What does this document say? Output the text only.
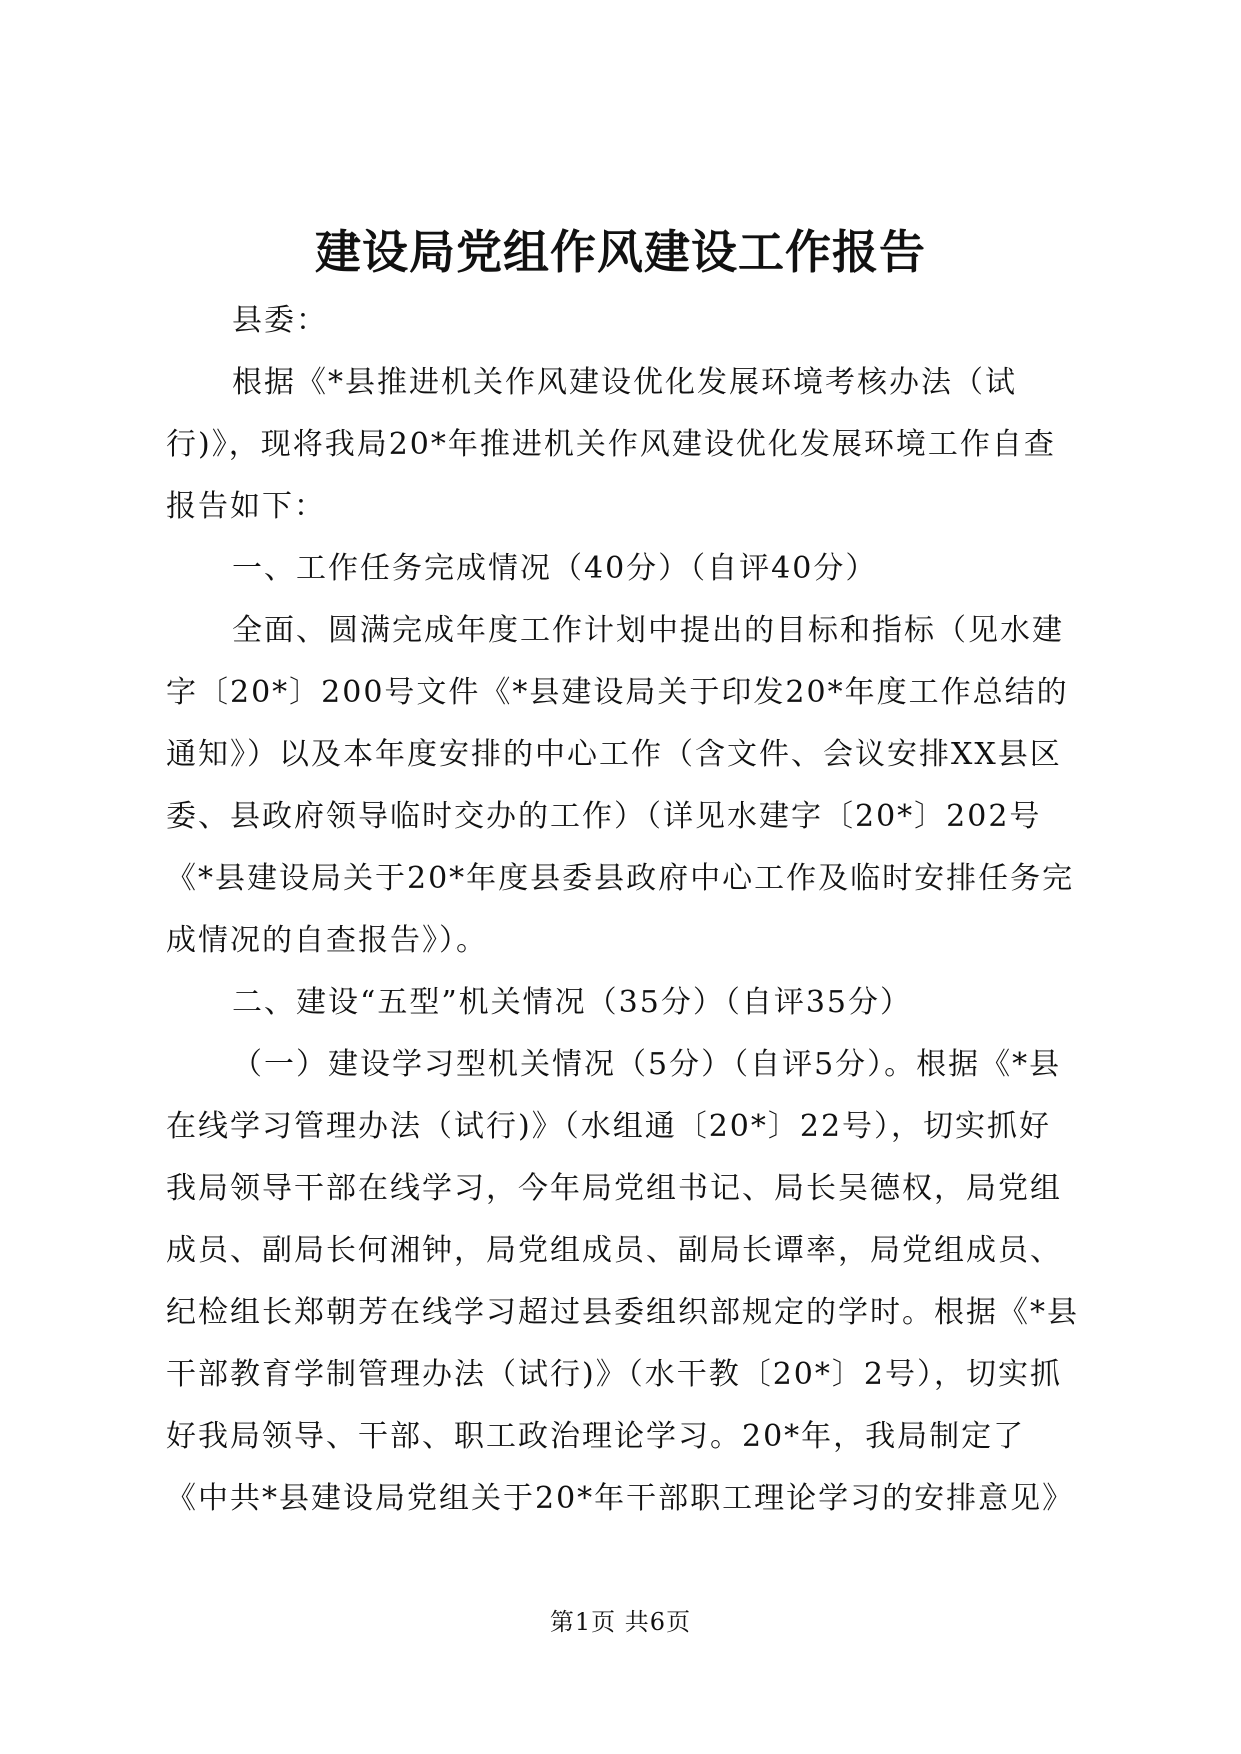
建设局党组作风建设工作报告

县委：

根据《*县推进机关作风建设优化发展环境考核办法（试行)》，现将我局20*年推进机关作风建设优化发展环境工作自查报告如下：

一、工作任务完成情况（40分）（自评40分）

全面、圆满完成年度工作计划中提出的目标和指标（见水建字〔20*〕200号文件《*县建设局关于印发20*年度工作总结的通知》）以及本年度安排的中心工作（含文件、会议安排XX县区委、县政府领导临时交办的工作）（详见水建字〔20*〕202号《*县建设局关于20*年度县委县政府中心工作及临时安排任务完成情况的自查报告》）。

二、建设“五型”机关情况（35分）（自评35分）

（一）建设学习型机关情况（5分）（自评5分）。根据《*县在线学习管理办法（试行)》（水组通〔20*〕22号），切实抓好我局领导干部在线学习，今年局党组书记、局长吴德权，局党组成员、副局长何湘钟，局党组成员、副局长谭率，局党组成员、纪检组长郑朝芳在线学习超过县委组织部规定的学时。根据《*县干部教育学制管理办法（试行)》（水干教〔20*〕2号），切实抓好我局领导、干部、职工政治理论学习。20*年，我局制定了《中共*县建设局党组关于20*年干部职工理论学习的安排意见》

第1页 共6页
